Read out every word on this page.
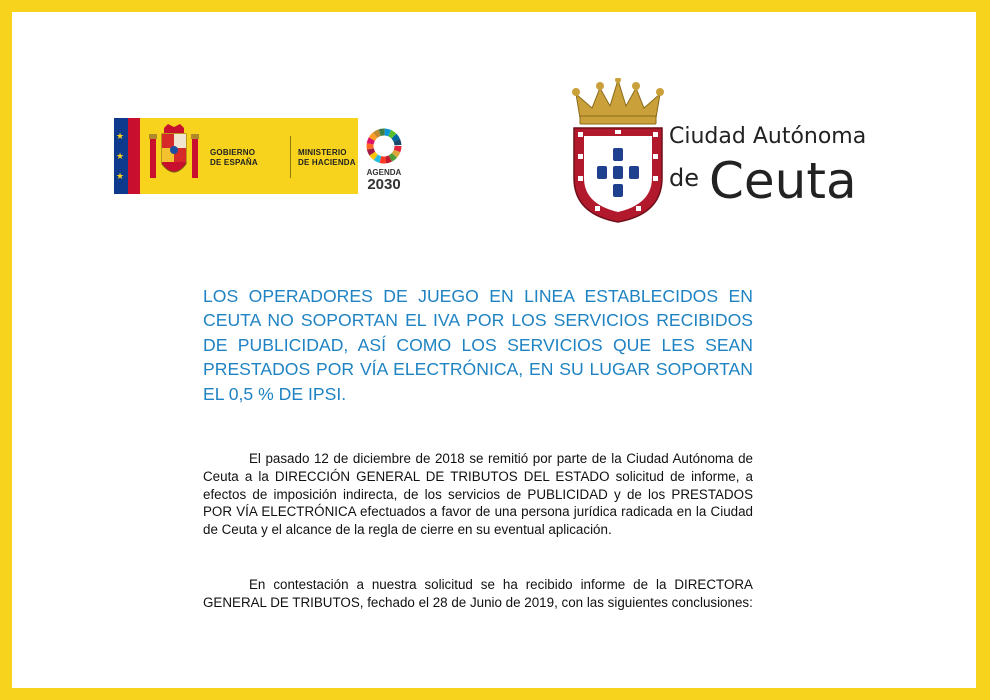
★
★
★
GOBIERNO
DE ESPAÑA
MINISTERIO
DE HACIENDA
AGENDA
2030
Ciudad Autónoma
de Ceuta
LOS OPERADORES DE JUEGO EN LINEA ESTABLECIDOS EN CEUTA NO SOPORTAN EL IVA POR LOS SERVICIOS RECIBIDOS DE PUBLICIDAD, ASÍ COMO LOS SERVICIOS QUE LES SEAN PRESTADOS POR VÍA ELECTRÓNICA, EN SU LUGAR SOPORTAN EL 0,5 % DE IPSI.
El pasado 12 de diciembre de 2018 se remitió por parte de la Ciudad Autónoma de Ceuta a la DIRECCIÓN GENERAL DE TRIBUTOS DEL ESTADO solicitud de informe, a efectos de imposición indirecta, de los servicios de PUBLICIDAD y de los PRESTADOS POR VÍA ELECTRÓNICA efectuados a favor de una persona jurídica radicada en la Ciudad de Ceuta y el alcance de la regla de cierre en su eventual aplicación.
En contestación a nuestra solicitud se ha recibido informe de la DIRECTORA GENERAL DE TRIBUTOS, fechado el 28 de Junio de 2019, con las siguientes conclusiones:
